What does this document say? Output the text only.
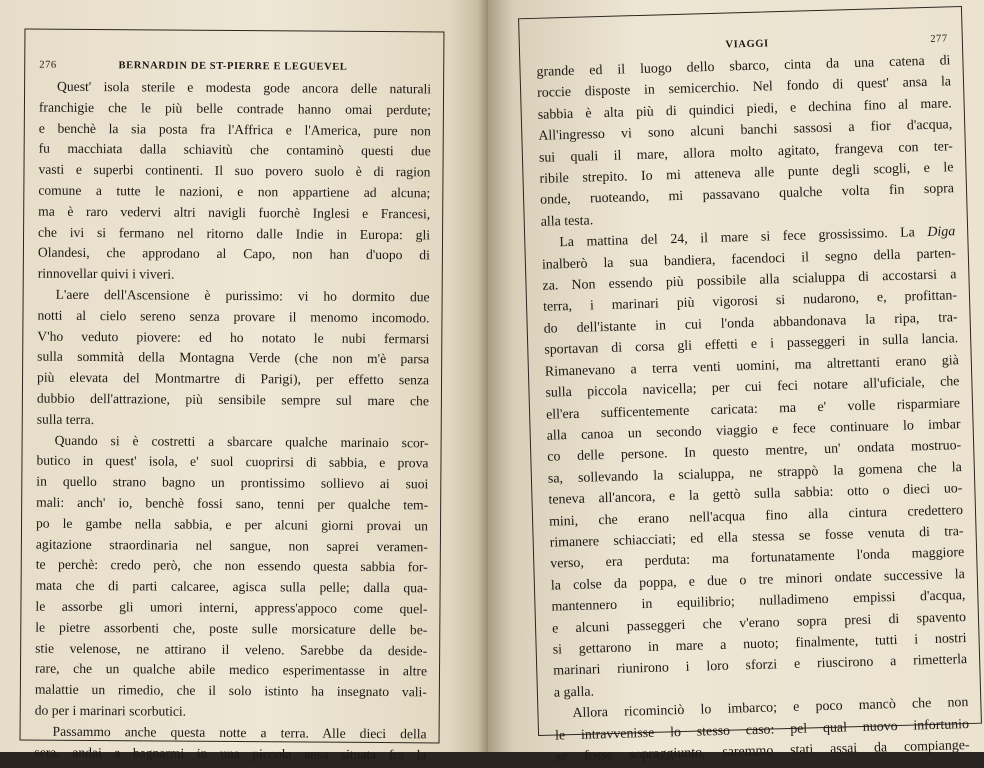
276	BERNARDIN DE ST-PIERRE E LEGUEVEL
Quest' isola sterile e modesta gode ancora delle naturali
franchigie che le più belle contrade hanno omai perdute;
e benchè la sia posta fra l'Affrica e l'America, pure non
fu macchiata dalla schiavitù che contaminò questi due
vasti e superbi continenti. Il suo povero suolo è di ragion
comune a tutte le nazioni, e non appartiene ad alcuna;
ma è raro vedervi altri navigli fuorchè Inglesi e Francesi,
che ivi si fermano nel ritorno dalle Indie in Europa: gli
Olandesi, che approdano al Capo, non han d'uopo di
rinnovellar quivi i viveri.
L'aere dell'Ascensione è purissimo: vi ho dormito due
notti al cielo sereno senza provare il menomo incomodo.
V'ho veduto piovere: ed ho notato le nubi fermarsi
sulla sommità della Montagna Verde (che non m'è parsa
più elevata del Montmartre di Parigi), per effetto senza
dubbio dell'attrazione, più sensibile sempre sul mare che
sulla terra.
Quando si è costretti a sbarcare qualche marinaio scor-
butico in quest' isola, e' suol cuoprirsi di sabbia, e prova
in quello strano bagno un prontissimo sollievo ai suoi
mali: anch' io, benchè fossi sano, tenni per qualche tem-
po le gambe nella sabbia, e per alcuni giorni provai un
agitazione straordinaria nel sangue, non saprei veramen-
te perchè: credo però, che non essendo questa sabbia for-
mata che di parti calcaree, agisca sulla pelle; dalla qua-
le assorbe gli umori interni, appress'appoco come quel-
le pietre assorbenti che, poste sulle morsicature delle be-
stie velenose, ne attirano il veleno. Sarebbe da deside-
rare, che un qualche abile medico esperimentasse in altre
malattie un rimedio, che il solo istinto ha insegnato vali-
do per i marinari scorbutici.
Passammo anche questa notte a terra. Alle dieci della
sera, andai a bagnarmi in una piccola ansa situata fra la
VIAGGI	277
grande ed il luogo dello sbarco, cinta da una catena di
roccie disposte in semicerchio. Nel fondo di quest' ansa la
sabbia è alta più di quindici piedi, e dechina fino al mare.
All'ingresso vi sono alcuni banchi sassosi a fior d'acqua,
sui quali il mare, allora molto agitato, frangeva con ter-
ribile strepito. Io mi atteneva alle punte degli scogli, e le
onde, ruoteando, mi passavano qualche volta fin sopra
alla testa.
La mattina del 24, il mare si fece grossissimo. La Diga
inalberò la sua bandiera, facendoci il segno della parten-
za. Non essendo più possibile alla scialuppa di accostarsi a
terra, i marinari più vigorosi si nudarono, e, profittan-
do dell'istante in cui l'onda abbandonava la ripa, tra-
sportavan di corsa gli effetti e i passeggeri in sulla lancia.
Rimanevano a terra venti uomini, ma altrettanti erano già
sulla piccola navicella; per cui feci notare all'uficiale, che
ell'era sufficentemente caricata: ma e' volle risparmiare
alla canoa un secondo viaggio e fece continuare lo imbar
co delle persone. In questo mentre, un' ondata mostruo-
sa, sollevando la scialuppa, ne strappò la gomena che la
teneva all'ancora, e la gettò sulla sabbia: otto o dieci uo-
mini, che erano nell'acqua fino alla cintura credettero
rimanere schiacciati; ed ella stessa se fosse venuta di tra-
verso, era perduta: ma fortunatamente l'onda maggiore
la colse da poppa, e due o tre minori ondate successive la
mantennero in equilibrio; nulladimeno empissi d'acqua,
e alcuni passeggeri che v'erano sopra presi di spavento
si gettarono in mare a nuoto; finalmente, tutti i nostri
marinari riunirono i loro sforzi e riuscirono a rimetterla
a galla.
Allora ricominciò lo imbarco; e poco mancò che non
le intravvenisse lo stesso caso: pel qual nuovo infortunio
se fosse sopraggiunto, saremmo stati assai da compiange-
